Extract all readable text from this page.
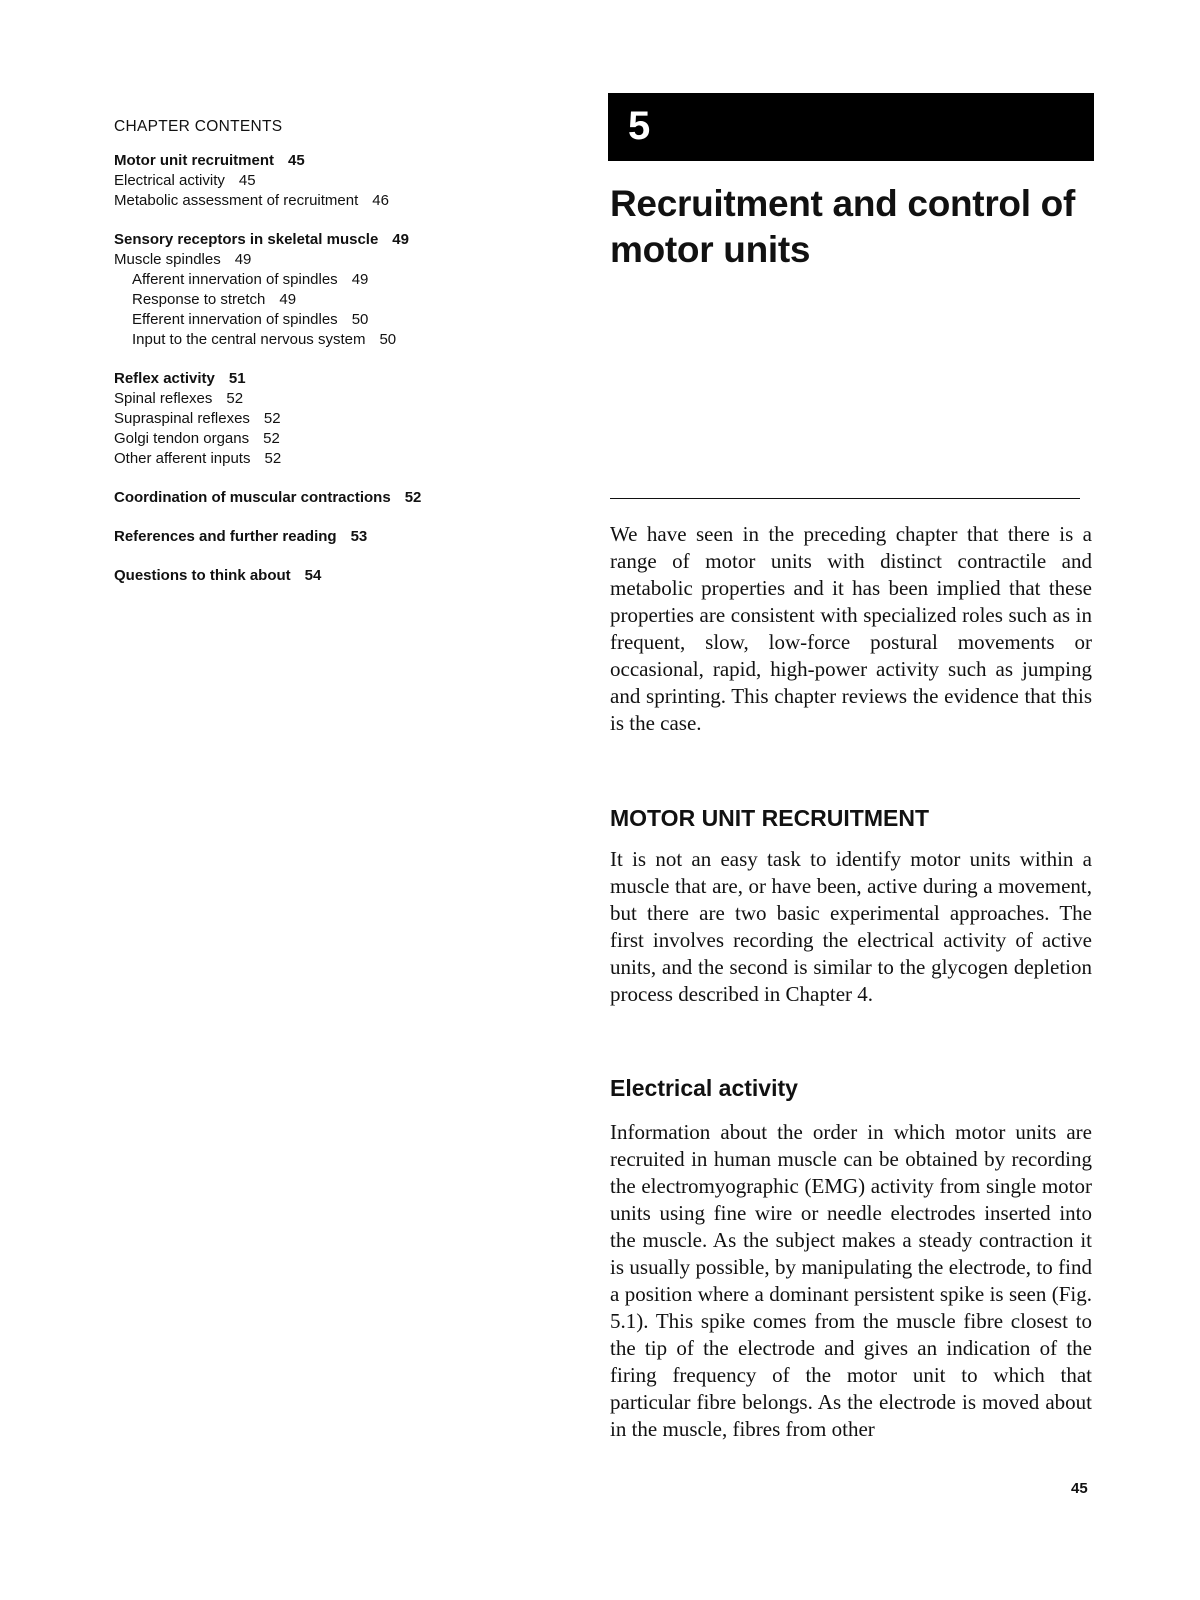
CHAPTER CONTENTS
Motor unit recruitment 45
Electrical activity 45
Metabolic assessment of recruitment 46
Sensory receptors in skeletal muscle 49
Muscle spindles 49
Afferent innervation of spindles 49
Response to stretch 49
Efferent innervation of spindles 50
Input to the central nervous system 50
Reflex activity 51
Spinal reflexes 52
Supraspinal reflexes 52
Golgi tendon organs 52
Other afferent inputs 52
Coordination of muscular contractions 52
References and further reading 53
Questions to think about 54
5
Recruitment and control of motor units

We have seen in the preceding chapter that there is a range of motor units with distinct contractile and metabolic properties and it has been implied that these properties are consistent with specialized roles such as in frequent, slow, low-force postural movements or occasional, rapid, high-power activity such as jumping and sprinting. This chapter reviews the evidence that this is the case.

MOTOR UNIT RECRUITMENT

It is not an easy task to identify motor units within a muscle that are, or have been, active during a movement, but there are two basic experimental approaches. The first involves recording the electrical activity of active units, and the second is similar to the glycogen depletion process described in Chapter 4.

Electrical activity

Information about the order in which motor units are recruited in human muscle can be obtained by recording the electromyographic (EMG) activity from single motor units using fine wire or needle electrodes inserted into the muscle. As the subject makes a steady contraction it is usually possible, by manipulating the electrode, to find a position where a dominant persistent spike is seen (Fig. 5.1). This spike comes from the muscle fibre closest to the tip of the electrode and gives an indication of the firing frequency of the motor unit to which that particular fibre belongs. As the electrode is moved about in the muscle, fibres from other

45
